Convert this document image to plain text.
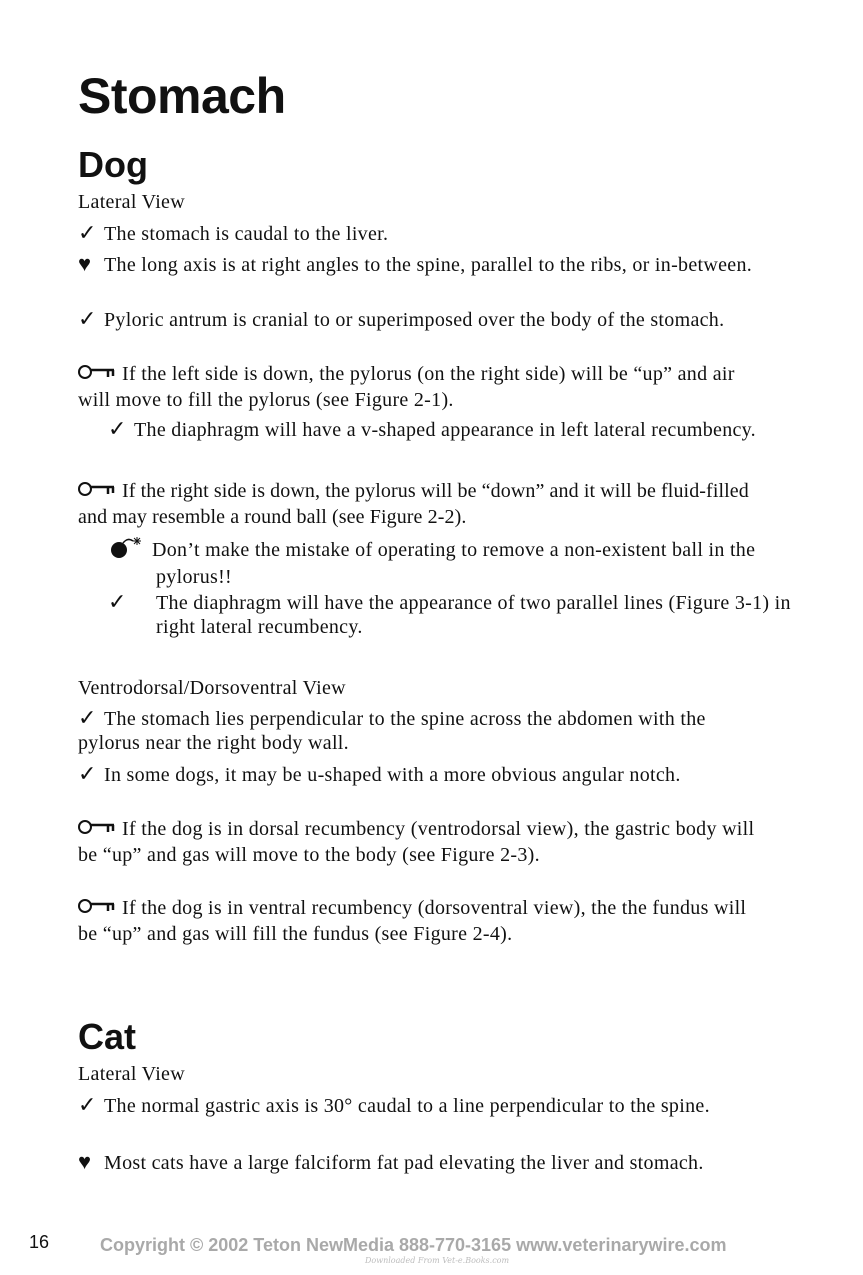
Stomach
Dog
Lateral View
✓ The stomach is caudal to the liver.
♥ The long axis is at right angles to the spine, parallel to the ribs, or in-between.
✓ Pyloric antrum is cranial to or superimposed over the body of the stomach.
If the left side is down, the pylorus (on the right side) will be “up” and air will move to fill the pylorus (see Figure 2-1).
✓ The diaphragm will have a v-shaped appearance in left lateral recumbency.
If the right side is down, the pylorus will be “down” and it will be fluid-filled and may resemble a round ball (see Figure 2-2).
Don’t make the mistake of operating to remove a non-existent ball in the pylorus!!
✓ The diaphragm will have the appearance of two parallel lines (Figure 3-1) in right lateral recumbency.
Ventrodorsal/Dorsoventral View
✓ The stomach lies perpendicular to the spine across the abdomen with the pylorus near the right body wall.
✓ In some dogs, it may be u-shaped with a more obvious angular notch.
If the dog is in dorsal recumbency (ventrodorsal view), the gastric body will be “up” and gas will move to the body (see Figure 2-3).
If the dog is in ventral recumbency (dorsoventral view), the the fundus will be “up” and gas will fill the fundus (see Figure 2-4).
Cat
Lateral View
✓ The normal gastric axis is 30° caudal to a line perpendicular to the spine.
♥ Most cats have a large falciform fat pad elevating the liver and stomach.
16	Copyright © 2002 Teton NewMedia 888-770-3165 www.veterinarywire.com
Downloaded From Vet-e.Books.com
